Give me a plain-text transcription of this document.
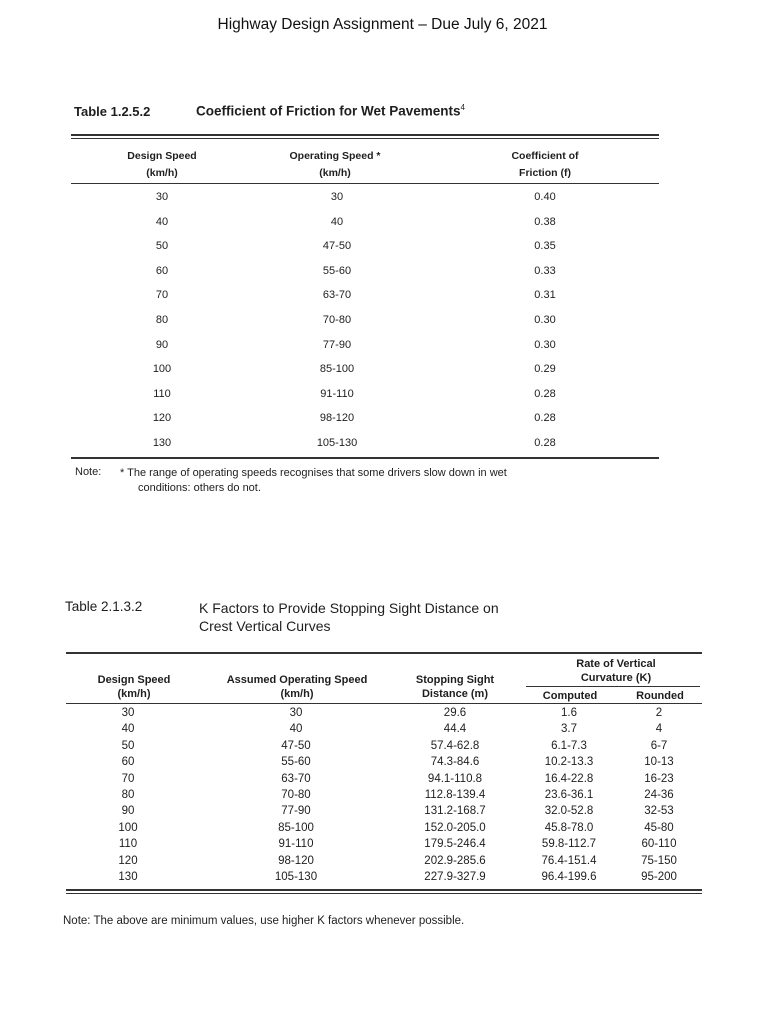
Highway Design Assignment – Due July 6, 2021
Table 1.2.5.2	Coefficient of Friction for Wet Pavements$^4$
Design Speed
(km/h)
Operating Speed *
(km/h)
Coefficient of
Friction (f)
30	30	0.40
40	40	0.38
50	47-50	0.35
60	55-60	0.33
70	63-70	0.31
80	70-80	0.30
90	77-90	0.30
100	85-100	0.29
110	91-110	0.28
120	98-120	0.28
130	105-130	0.28
Note: * The range of operating speeds recognises that some drivers slow down in wet
conditions: others do not.
Table 2.1.3.2	K Factors to Provide Stopping Sight Distance on
Crest Vertical Curves
Design Speed
(km/h)
Assumed Operating Speed
(km/h)
Stopping Sight
Distance (m)
Rate of Vertical
Curvature (K)
Computed	Rounded
30	30	29.6	1.6	2
40	40	44.4	3.7	4
50	47-50	57.4-62.8	6.1-7.3	6-7
60	55-60	74.3-84.6	10.2-13.3	10-13
70	63-70	94.1-110.8	16.4-22.8	16-23
80	70-80	112.8-139.4	23.6-36.1	24-36
90	77-90	131.2-168.7	32.0-52.8	32-53
100	85-100	152.0-205.0	45.8-78.0	45-80
110	91-110	179.5-246.4	59.8-112.7	60-110
120	98-120	202.9-285.6	76.4-151.4	75-150
130	105-130	227.9-327.9	96.4-199.6	95-200
Note: The above are minimum values, use higher K factors whenever possible.
